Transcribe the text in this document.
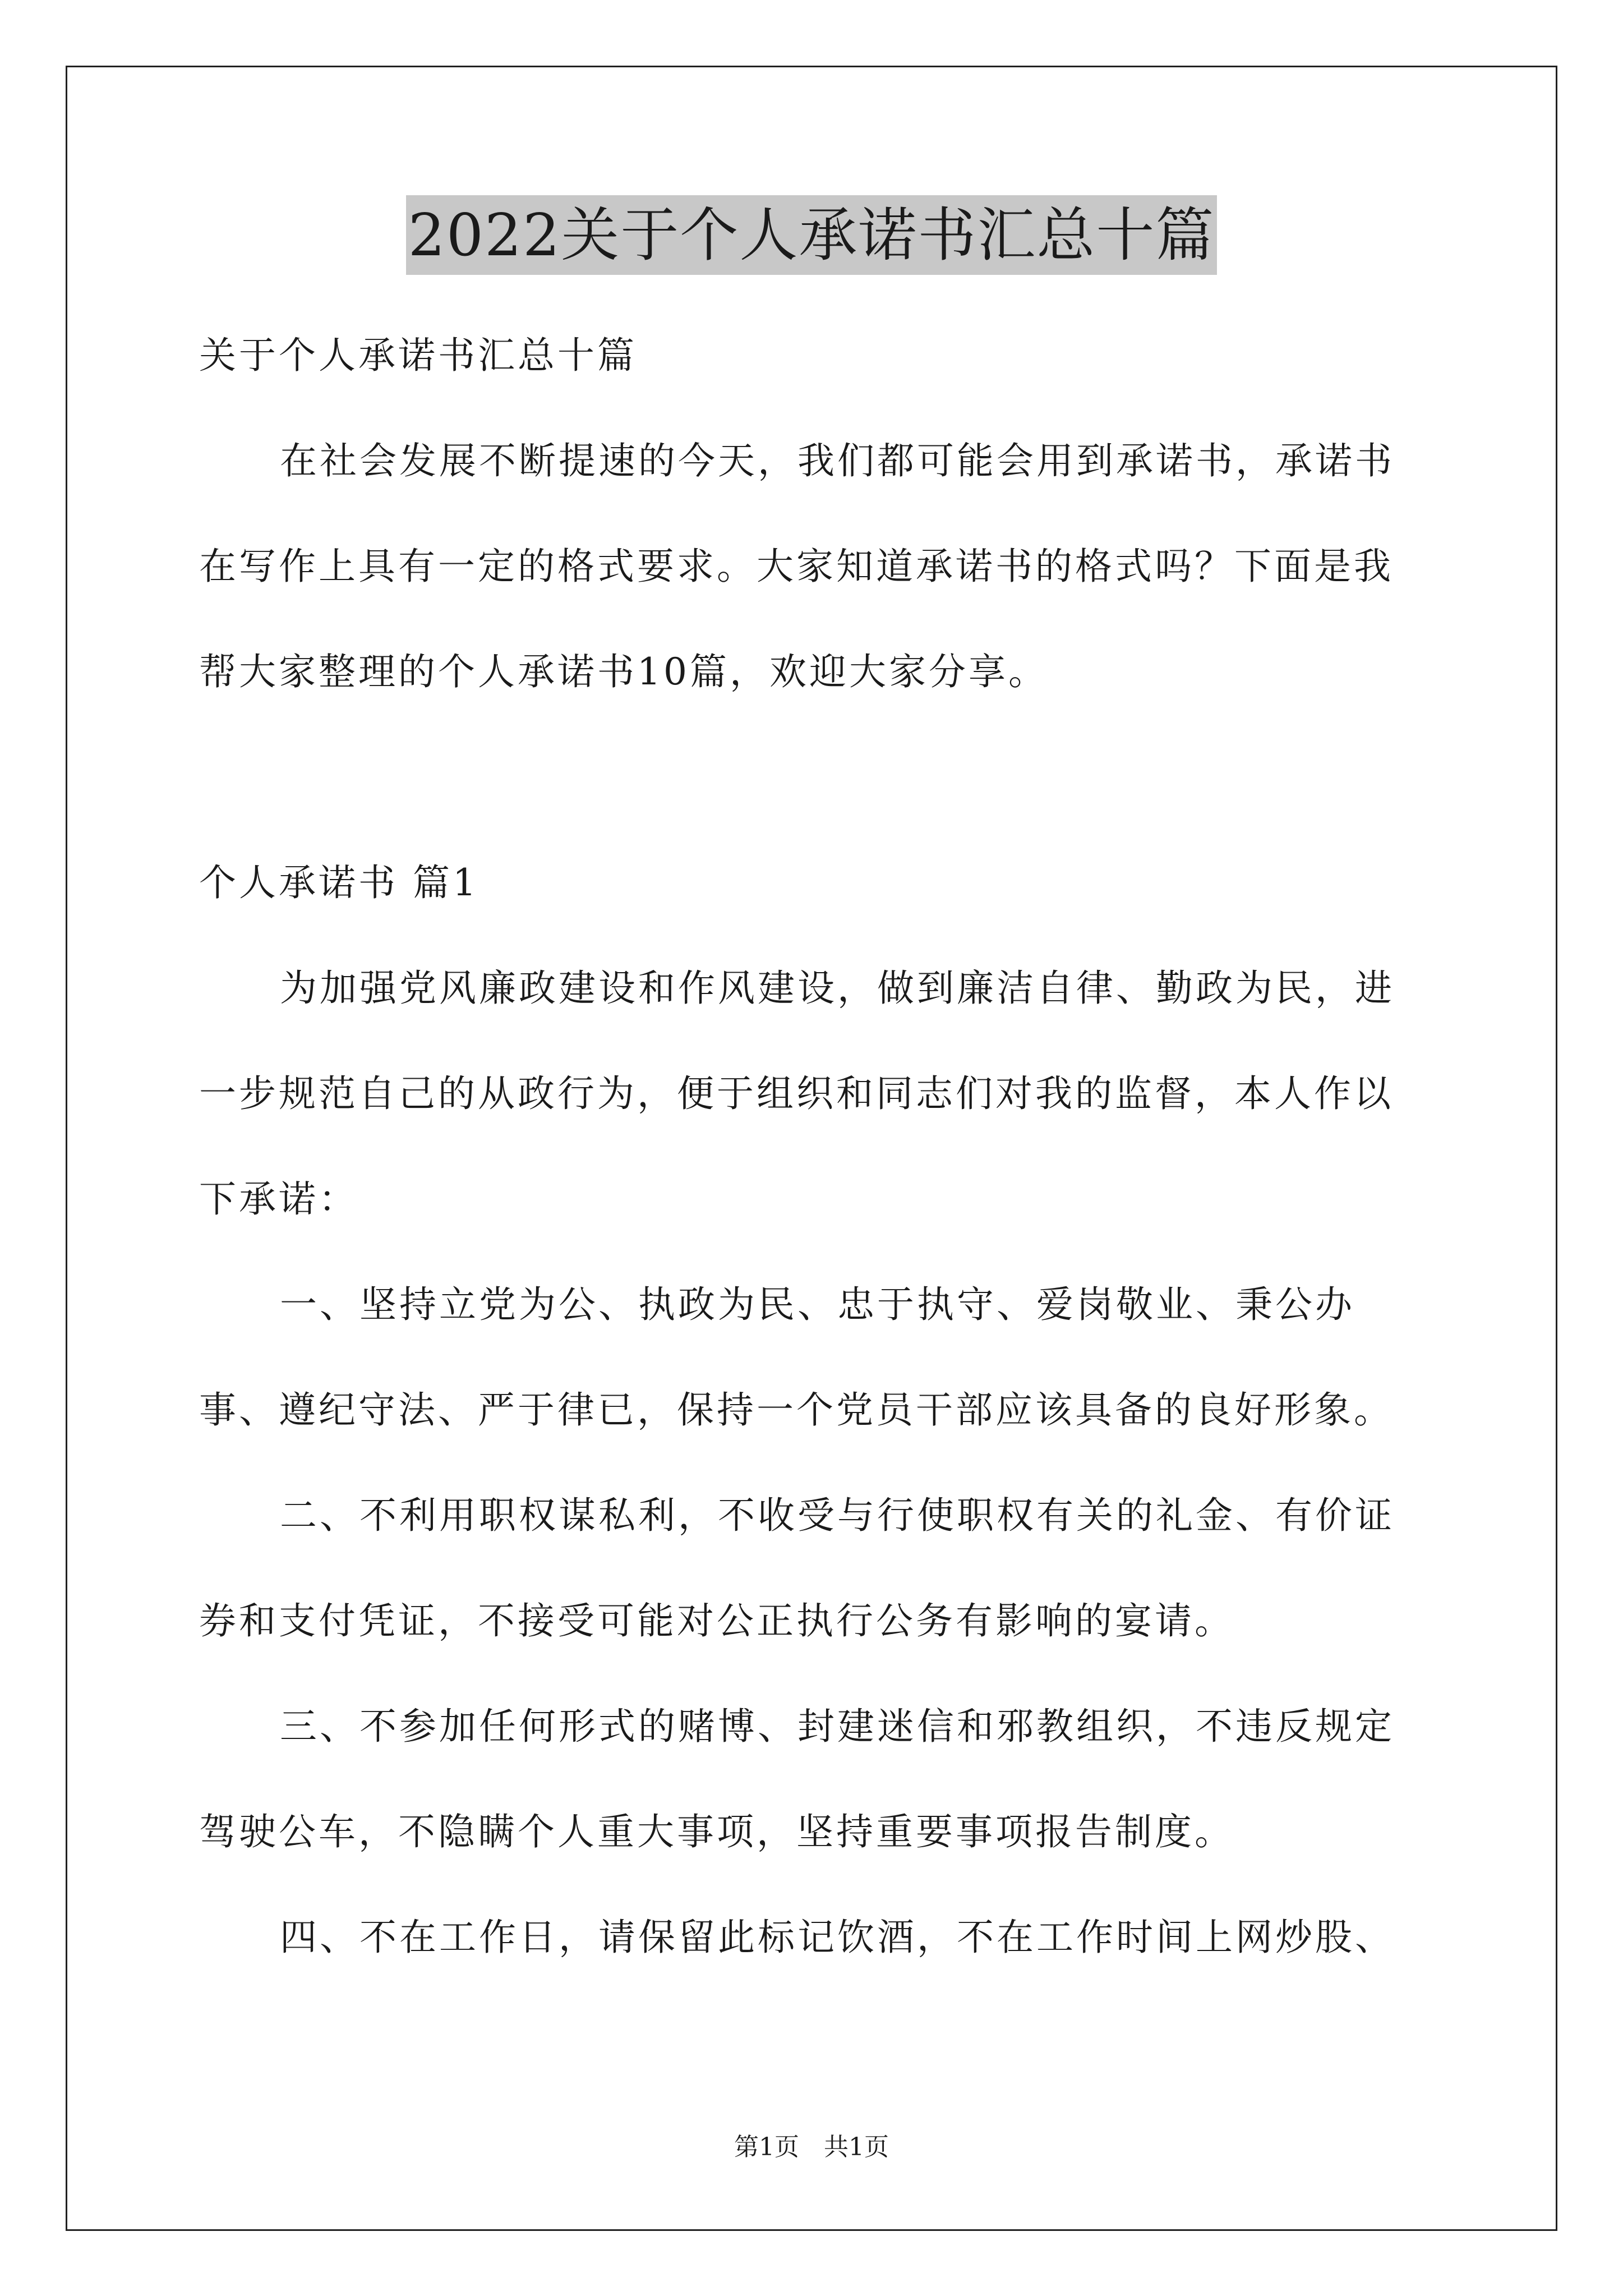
2022关于个人承诺书汇总十篇

关于个人承诺书汇总十篇

在社会发展不断提速的今天，我们都可能会用到承诺书，承诺书在写作上具有一定的格式要求。大家知道承诺书的格式吗？下面是我帮大家整理的个人承诺书10篇，欢迎大家分享。

个人承诺书 篇1

为加强党风廉政建设和作风建设，做到廉洁自律、勤政为民，进一步规范自己的从政行为，便于组织和同志们对我的监督，本人作以下承诺：

一、坚持立党为公、执政为民、忠于执守、爱岗敬业、秉公办事、遵纪守法、严于律已，保持一个党员干部应该具备的良好形象。

二、不利用职权谋私利，不收受与行使职权有关的礼金、有价证券和支付凭证，不接受可能对公正执行公务有影响的宴请。

三、不参加任何形式的赌博、封建迷信和邪教组织，不违反规定驾驶公车，不隐瞒个人重大事项，坚持重要事项报告制度。

四、不在工作日，请保留此标记饮酒，不在工作时间上网炒股、

第1页　共1页
